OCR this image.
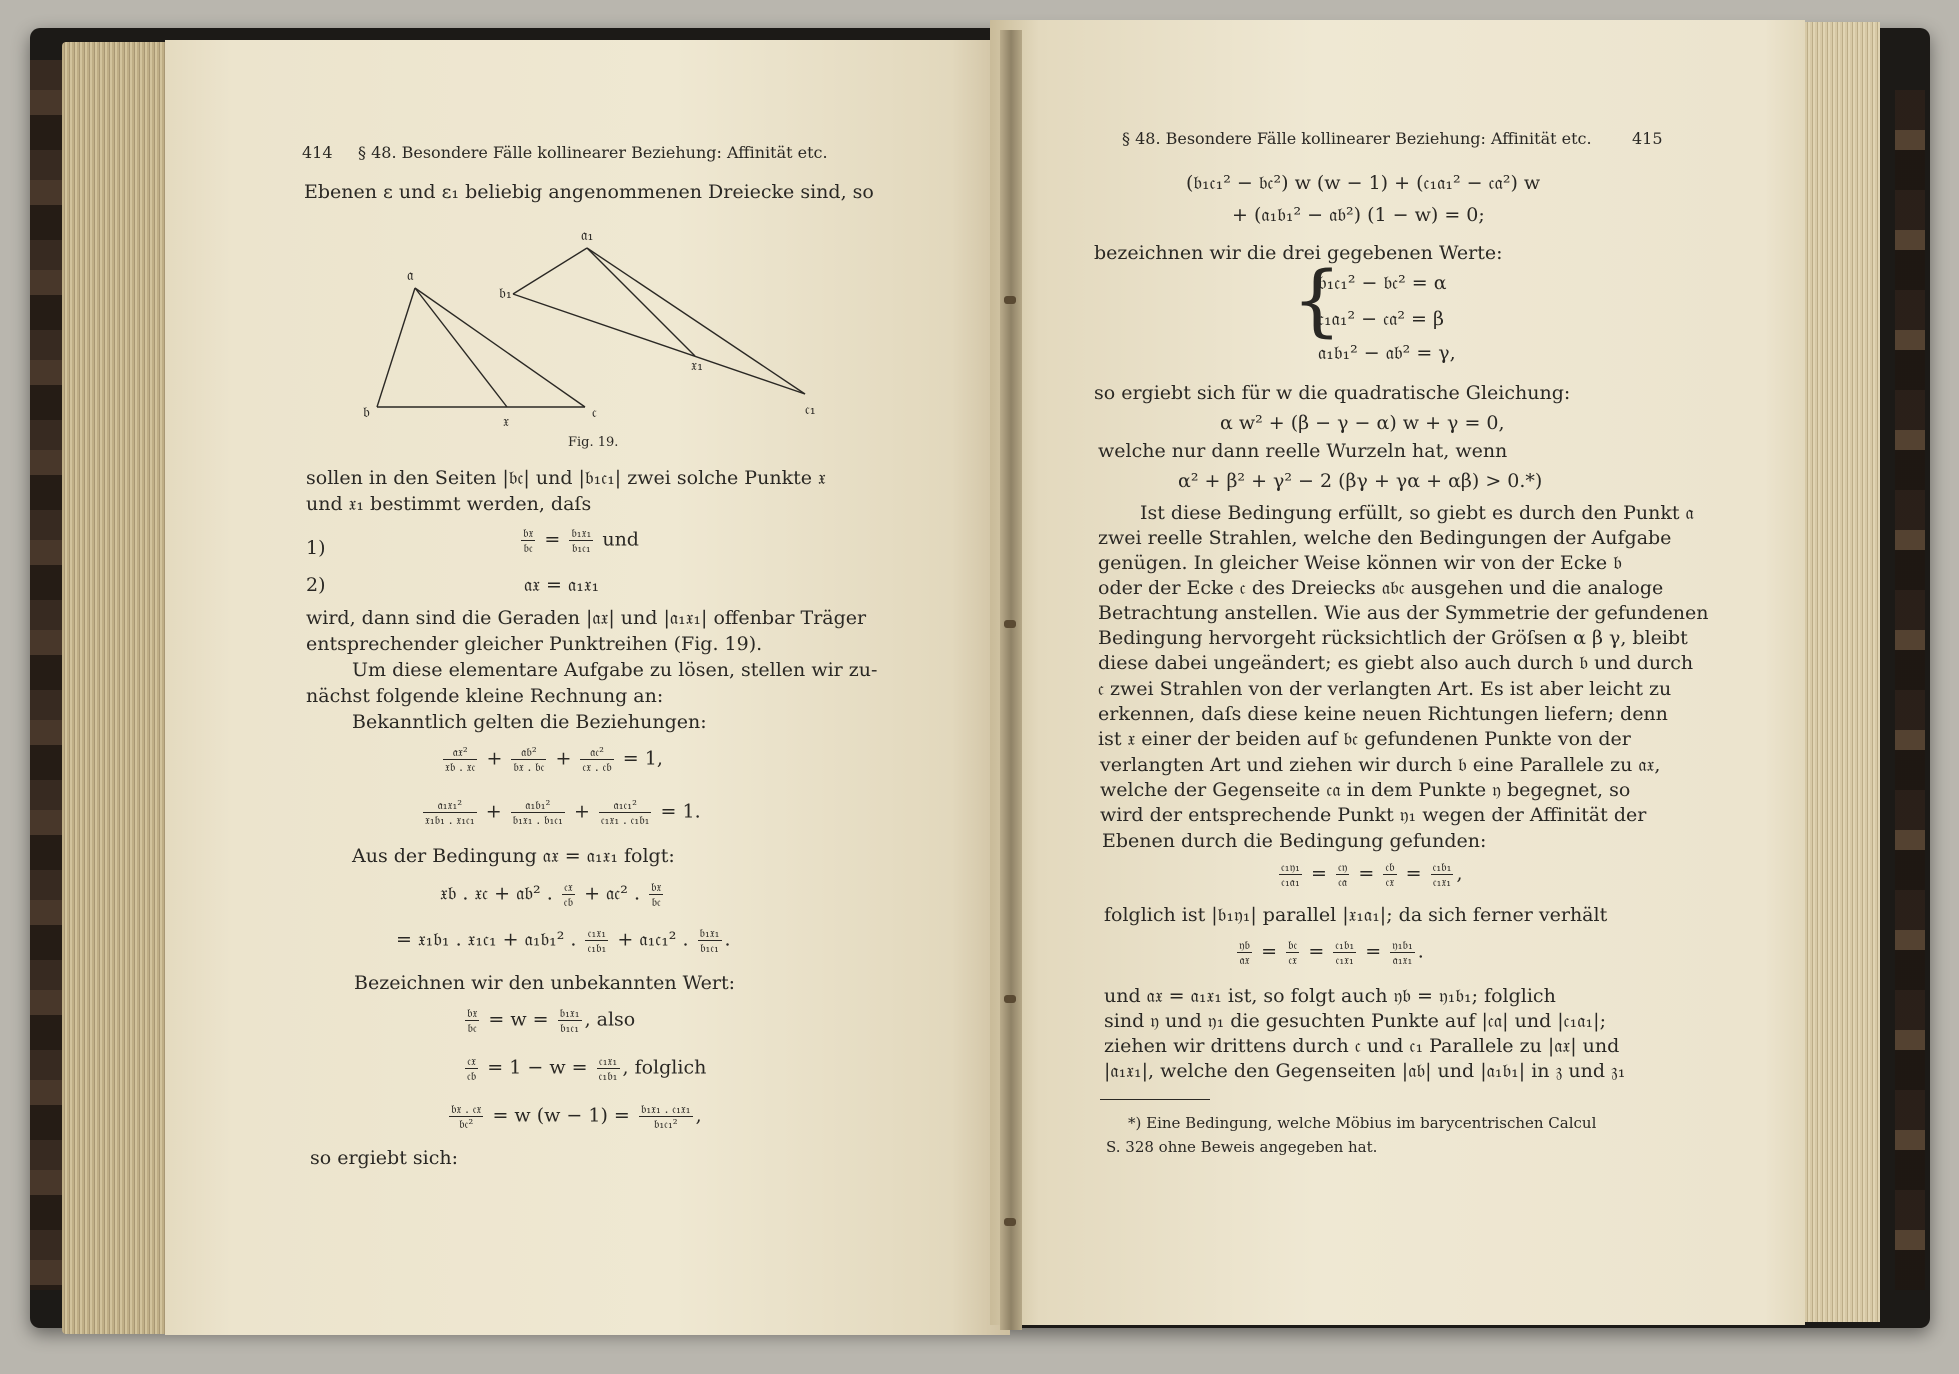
414 § 48. Besondere Fälle kollinearer Beziehung: Affinität etc.
Ebenen ε und ε₁ beliebig angenommenen Dreiecke sind, so
𝔞
𝔟	𝔠
𝔵
𝔞₁
𝔟₁
𝔠₁
𝔵₁
Fig. 19.
sollen in den Seiten |𝔟𝔠| und |𝔟₁𝔠₁| zwei solche Punkte 𝔵
und 𝔵₁ bestimmt werden, daſs
1)	$\frac{\text{𝔟𝔵}}{\text{𝔟𝔠}} = \frac{\text{𝔟₁𝔵₁}}{\text{𝔟₁𝔠₁}}$ und
2)	𝔞𝔵 = 𝔞₁𝔵₁
wird, dann sind die Geraden |𝔞𝔵| und |𝔞₁𝔵₁| offenbar Träger
entsprechender gleicher Punktreihen (Fig. 19).
Um diese elementare Aufgabe zu lösen, stellen wir zu-
nächst folgende kleine Rechnung an:
Bekanntlich gelten die Beziehungen:
$\frac{\text{𝔞𝔵²}}{\text{𝔵𝔟 . 𝔵𝔠}} + \frac{\text{𝔞𝔟²}}{\text{𝔟𝔵 . 𝔟𝔠}} + \frac{\text{𝔞𝔠²}}{\text{𝔠𝔵 . 𝔠𝔟}} = 1$,
$\frac{\text{𝔞₁𝔵₁²}}{\text{𝔵₁𝔟₁ . 𝔵₁𝔠₁}} + \frac{\text{𝔞₁𝔟₁²}}{\text{𝔟₁𝔵₁ . 𝔟₁𝔠₁}} + \frac{\text{𝔞₁𝔠₁²}}{\text{𝔠₁𝔵₁ . 𝔠₁𝔟₁}} = 1$.
Aus der Bedingung 𝔞𝔵 = 𝔞₁𝔵₁ folgt:
𝔵𝔟 . 𝔵𝔠 + 𝔞𝔟² . $\frac{\text{𝔠𝔵}}{\text{𝔠𝔟}}$ + 𝔞𝔠² . $\frac{\text{𝔟𝔵}}{\text{𝔟𝔠}}$
= 𝔵₁𝔟₁ . 𝔵₁𝔠₁ + 𝔞₁𝔟₁² . $\frac{\text{𝔠₁𝔵₁}}{\text{𝔠₁𝔟₁}}$ + 𝔞₁𝔠₁² . $\frac{\text{𝔟₁𝔵₁}}{\text{𝔟₁𝔠₁}}$ .
Bezeichnen wir den unbekannten Wert:
$\frac{\text{𝔟𝔵}}{\text{𝔟𝔠}} = w = \frac{\text{𝔟₁𝔵₁}}{\text{𝔟₁𝔠₁}}$ , also
$\frac{\text{𝔠𝔵}}{\text{𝔠𝔟}} = 1 - w = \frac{\text{𝔠₁𝔵₁}}{\text{𝔠₁𝔟₁}}$ , folglich
$\frac{\text{𝔟𝔵 . 𝔠𝔵}}{\text{𝔟𝔠²}} = w$ $(w - 1) = \frac{\text{𝔟₁𝔵₁ . 𝔠₁𝔵₁}}{\text{𝔟₁𝔠₁²}}$ ,
so ergiebt sich:
§ 48. Besondere Fälle kollinearer Beziehung: Affinität etc.	415
(𝔟₁𝔠₁² − 𝔟𝔠²) w (w − 1) + (𝔠₁𝔞₁² − 𝔠𝔞²) w
+ (𝔞₁𝔟₁² − 𝔞𝔟²) (1 − w) = 0;
bezeichnen wir die drei gegebenen Werte:
{
𝔟₁𝔠₁² − 𝔟𝔠² = α
𝔠₁𝔞₁² − 𝔠𝔞² = β
𝔞₁𝔟₁² − 𝔞𝔟² = γ,
so ergiebt sich für w die quadratische Gleichung:
α w² + (β − γ − α) w + γ = 0,
welche nur dann reelle Wurzeln hat, wenn
α² + β² + γ² − 2 (βγ + γα + αβ) > 0.*)
Ist diese Bedingung erfüllt, so giebt es durch den Punkt 𝔞
zwei reelle Strahlen, welche den Bedingungen der Aufgabe
genügen. In gleicher Weise können wir von der Ecke 𝔟
oder der Ecke 𝔠 des Dreiecks 𝔞𝔟𝔠 ausgehen und die analoge
Betrachtung anstellen. Wie aus der Symmetrie der gefundenen
Bedingung hervorgeht rücksichtlich der Gröſsen α β γ, bleibt
diese dabei ungeändert; es giebt also auch durch 𝔟 und durch
𝔠 zwei Strahlen von der verlangten Art. Es ist aber leicht zu
erkennen, daſs diese keine neuen Richtungen liefern; denn
ist 𝔵 einer der beiden auf 𝔟𝔠 gefundenen Punkte von der
verlangten Art und ziehen wir durch 𝔟 eine Parallele zu 𝔞𝔵,
welche der Gegenseite 𝔠𝔞 in dem Punkte 𝔶 begegnet, so
wird der entsprechende Punkt 𝔶₁ wegen der Affinität der
Ebenen durch die Bedingung gefunden:
$\frac{\text{𝔠₁𝔶₁}}{\text{𝔠₁𝔞₁}} = \frac{\text{𝔠𝔶}}{\text{𝔠𝔞}} = \frac{\text{𝔠𝔟}}{\text{𝔠𝔵}} = \frac{\text{𝔠₁𝔟₁}}{\text{𝔠₁𝔵₁}}$ ,
folglich ist |𝔟₁𝔶₁| parallel |𝔵₁𝔞₁|; da sich ferner verhält
$\frac{\text{𝔶𝔟}}{\text{𝔞𝔵}} = \frac{\text{𝔟𝔠}}{\text{𝔠𝔵}} = \frac{\text{𝔠₁𝔟₁}}{\text{𝔠₁𝔵₁}} = \frac{\text{𝔶₁𝔟₁}}{\text{𝔞₁𝔵₁}}$ .
und 𝔞𝔵 = 𝔞₁𝔵₁ ist, so folgt auch 𝔶𝔟 = 𝔶₁𝔟₁; folglich
sind 𝔶 und 𝔶₁ die gesuchten Punkte auf |𝔠𝔞| und |𝔠₁𝔞₁|;
ziehen wir drittens durch 𝔠 und 𝔠₁ Parallele zu |𝔞𝔵| und
|𝔞₁𝔵₁|, welche den Gegenseiten |𝔞𝔟| und |𝔞₁𝔟₁| in 𝔷 und 𝔷₁
*) Eine Bedingung, welche Möbius im barycentrischen Calcul
S. 328 ohne Beweis angegeben hat.
